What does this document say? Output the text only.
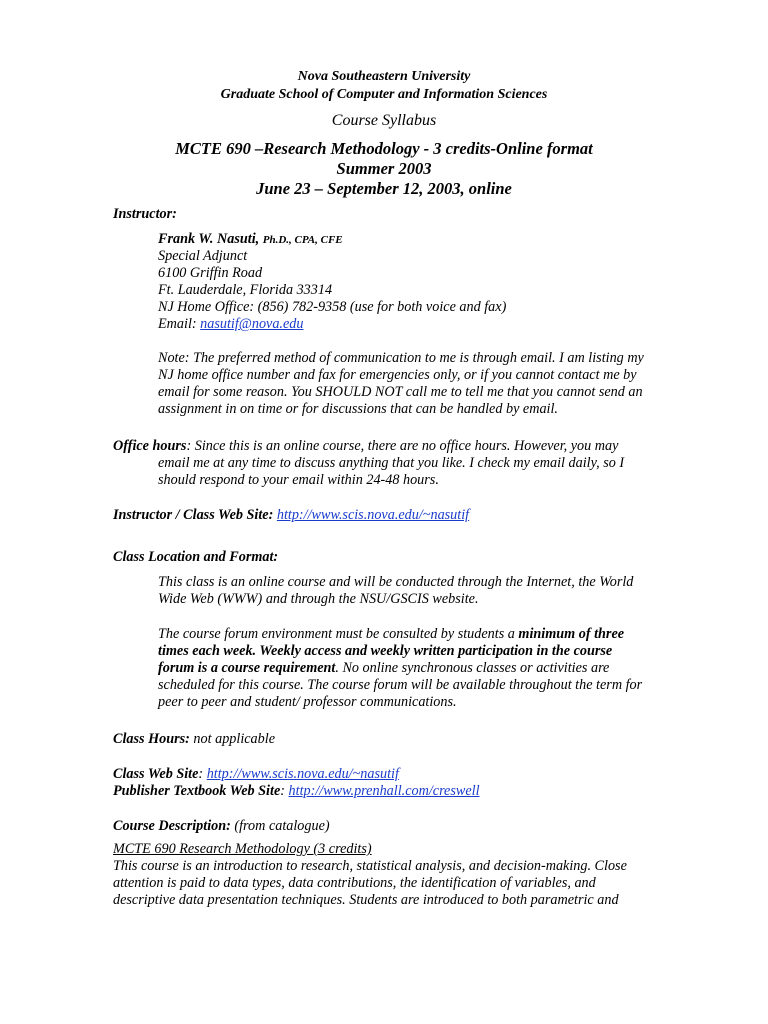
Nova Southeastern University
Graduate School of Computer and Information Sciences
Course Syllabus
MCTE 690 –Research Methodology - 3 credits-Online format
Summer 2003
June 23 – September 12, 2003, online
Instructor:
Frank W. Nasuti, Ph.D., CPA, CFE
Special Adjunct
6100 Griffin Road
Ft. Lauderdale, Florida 33314
NJ Home Office: (856) 782-9358 (use for both voice and fax)
Email: nasutif@nova.edu
Note: The preferred method of communication to me is through email. I am listing my
NJ home office number and fax for emergencies only, or if you cannot contact me by
email for some reason. You SHOULD NOT call me to tell me that you cannot send an
assignment in on time or for discussions that can be handled by email.
Office hours: Since this is an online course, there are no office hours. However, you may
email me at any time to discuss anything that you like. I check my email daily, so I
should respond to your email within 24-48 hours.
Instructor / Class Web Site: http://www.scis.nova.edu/~nasutif
Class Location and Format:
This class is an online course and will be conducted through the Internet, the World
Wide Web (WWW) and through the NSU/GSCIS website.
The course forum environment must be consulted by students a minimum of three
times each week. Weekly access and weekly written participation in the course
forum is a course requirement. No online synchronous classes or activities are
scheduled for this course. The course forum will be available throughout the term for
peer to peer and student/ professor communications.
Class Hours: not applicable
Class Web Site: http://www.scis.nova.edu/~nasutif
Publisher Textbook Web Site: http://www.prenhall.com/creswell
Course Description: (from catalogue)
MCTE 690 Research Methodology (3 credits)
This course is an introduction to research, statistical analysis, and decision-making. Close
attention is paid to data types, data contributions, the identification of variables, and
descriptive data presentation techniques. Students are introduced to both parametric and
